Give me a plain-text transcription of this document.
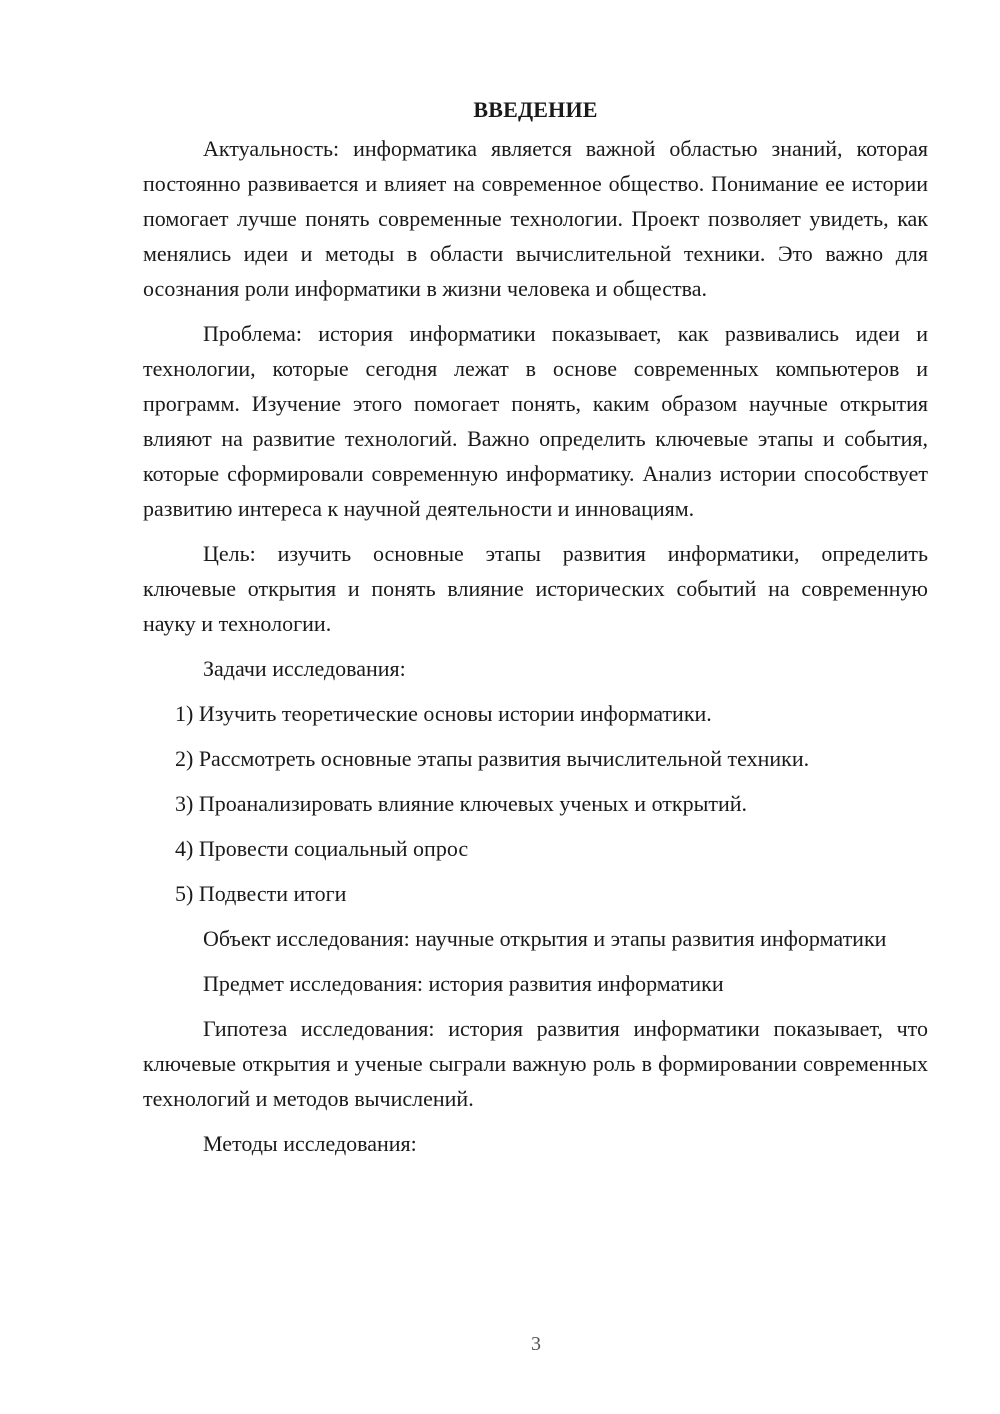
ВВЕДЕНИЕ

Актуальность: информатика является важной областью знаний, которая постоянно развивается и влияет на современное общество. Понимание ее истории помогает лучше понять современные технологии. Проект позволяет увидеть, как менялись идеи и методы в области вычислительной техники. Это важно для осознания роли информатики в жизни человека и общества.

Проблема: история информатики показывает, как развивались идеи и технологии, которые сегодня лежат в основе современных компьютеров и программ. Изучение этого помогает понять, каким образом научные открытия влияют на развитие технологий. Важно определить ключевые этапы и события, которые сформировали современную информатику. Анализ истории способствует развитию интереса к научной деятельности и инновациям.

Цель: изучить основные этапы развития информатики, определить ключевые открытия и понять влияние исторических событий на современную науку и технологии.

Задачи исследования:

1) Изучить теоретические основы истории информатики.
2) Рассмотреть основные этапы развития вычислительной техники.
3) Проанализировать влияние ключевых ученых и открытий.
4) Провести социальный опрос
5) Подвести итоги

Объект исследования: научные открытия и этапы развития информатики

Предмет исследования: история развития информатики

Гипотеза исследования: история развития информатики показывает, что ключевые открытия и ученые сыграли важную роль в формировании современных технологий и методов вычислений.

Методы исследования:

3
